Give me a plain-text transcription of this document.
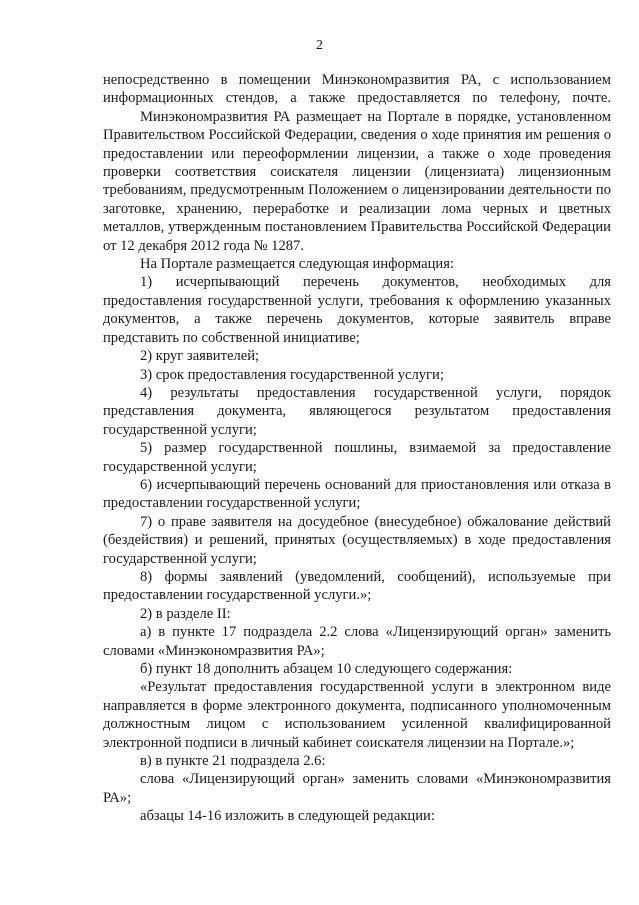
2

непосредственно в помещении Минэкономразвития РА, с использованием информационных стендов, а также предоставляется по телефону, почте.

Минэкономразвития РА размещает на Портале в порядке, установленном Правительством Российской Федерации, сведения о ходе принятия им решения о предоставлении или переоформлении лицензии, а также о ходе проведения проверки соответствия соискателя лицензии (лицензиата) лицензионным требованиям, предусмотренным Положением о лицензировании деятельности по заготовке, хранению, переработке и реализации лома черных и цветных металлов, утвержденным постановлением Правительства Российской Федерации от 12 декабря 2012 года № 1287.

На Портале размещается следующая информация:

1) исчерпывающий перечень документов, необходимых для предоставления государственной услуги, требования к оформлению указанных документов, а также перечень документов, которые заявитель вправе представить по собственной инициативе;

2) круг заявителей;

3) срок предоставления государственной услуги;

4) результаты предоставления государственной услуги, порядок представления документа, являющегося результатом предоставления государственной услуги;

5) размер государственной пошлины, взимаемой за предоставление государственной услуги;

6) исчерпывающий перечень оснований для приостановления или отказа в предоставлении государственной услуги;

7) о праве заявителя на досудебное (внесудебное) обжалование действий (бездействия) и решений, принятых (осуществляемых) в ходе предоставления государственной услуги;

8) формы заявлений (уведомлений, сообщений), используемые при предоставлении государственной услуги.»;

2) в разделе II:

а) в пункте 17 подраздела 2.2 слова «Лицензирующий орган» заменить словами «Минэкономразвития РА»;

б) пункт 18 дополнить абзацем 10 следующего содержания:

«Результат предоставления государственной услуги в электронном виде направляется в форме электронного документа, подписанного уполномоченным должностным лицом с использованием усиленной квалифицированной электронной подписи в личный кабинет соискателя лицензии на Портале.»;

в) в пункте 21 подраздела 2.6:

слова «Лицензирующий орган» заменить словами «Минэкономразвития РА»;

абзацы 14-16 изложить в следующей редакции:
